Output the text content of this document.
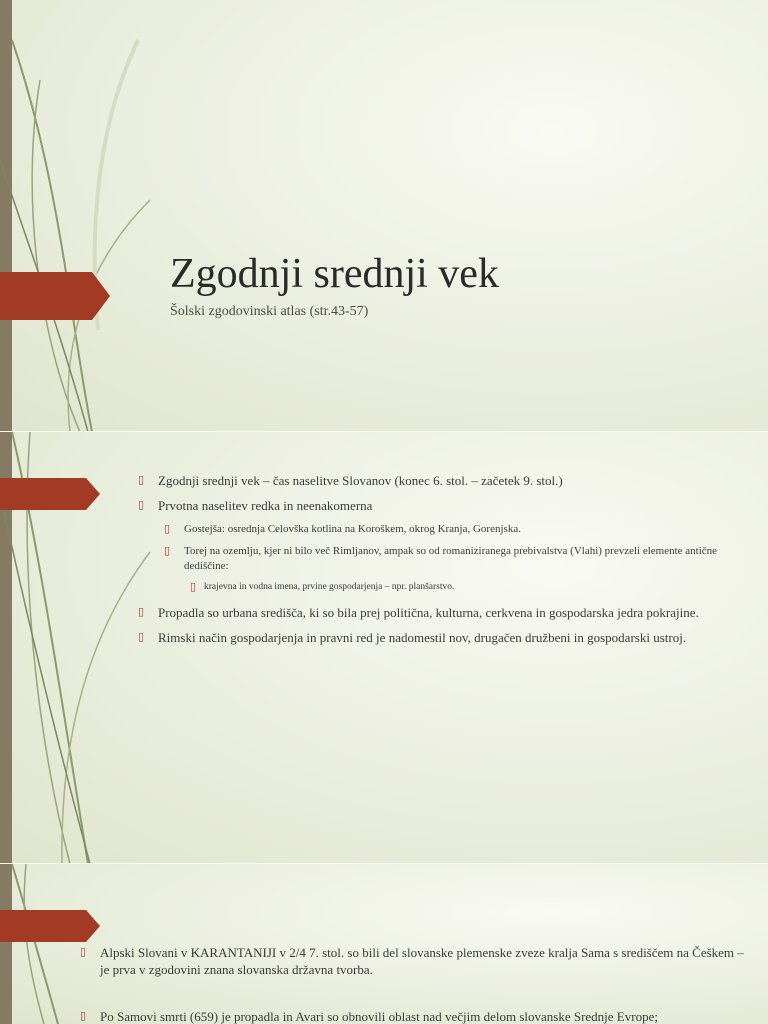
Zgodnji srednji vek
Šolski zgodovinski atlas (str.43-57)
▯ Zgodnji srednji vek – čas naselitve Slovanov (konec 6. stol. – začetek 9. stol.)
▯ Prvotna naselitev redka in neenakomerna
▯ Gostejša: osrednja Celovška kotlina na Koroškem, okrog Kranja, Gorenjska.
▯ Torej na ozemlju, kjer ni bilo več Rimljanov, ampak so od romaniziranega prebivalstva (Vlahi) prevzeli elemente antične dediščine:
▯ krajevna in vodna imena, prvine gospodarjenja – npr. planšarstvo.
▯ Propadla so urbana središča, ki so bila prej politična, kulturna, cerkvena in gospodarska jedra pokrajine.
▯ Rimski način gospodarjenja in pravni red je nadomestil nov, drugačen družbeni in gospodarski ustroj.
▯ Alpski Slovani v KARANTANIJI v 2/4 7. stol. so bili del slovanske plemenske zveze kralja Sama s središčem na Češkem – je prva v zgodovini znana slovanska državna tvorba.
▯ Po Samovi smrti (659) je propadla in Avari so obnovili oblast nad večjim delom slovanske Srednje Evrope;
